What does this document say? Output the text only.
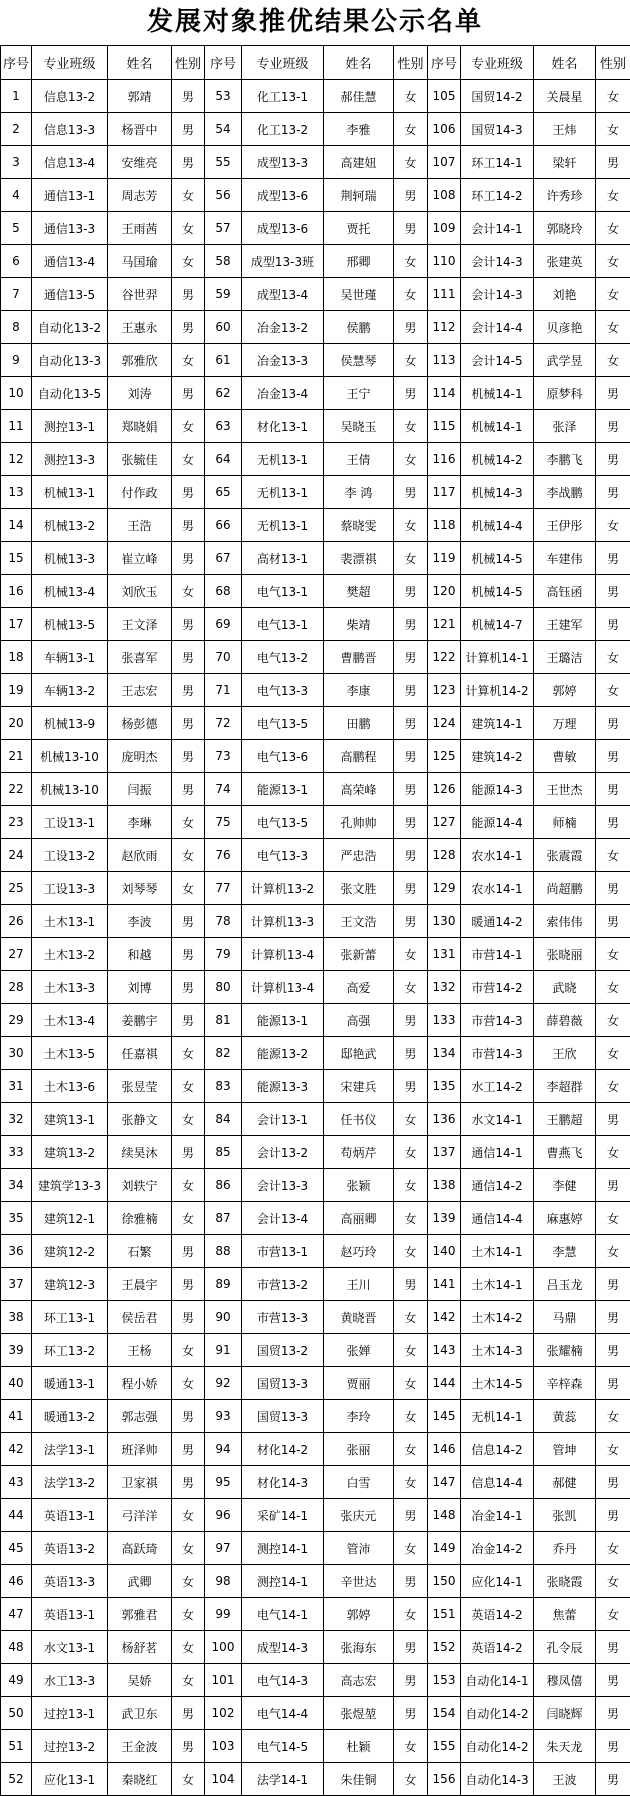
发展对象推优结果公示名单
序号	专业班级	姓名	性别	序号	专业班级	姓名	性别	序号	专业班级	姓名	性别
1	信息13-2	郭靖	男	53	化工13-1	郝佳慧	女	105	国贸14-2	关晨星	女
2	信息13-3	杨晋中	男	54	化工13-2	李雅	女	106	国贸14-3	王炜	女
3	信息13-4	安维亮	男	55	成型13-3	高建妞	女	107	环工14-1	梁轩	男
4	通信13-1	周志芳	女	56	成型13-6	荆轲瑞	男	108	环工14-2	许秀珍	女
5	通信13-3	王雨茜	女	57	成型13-6	贾托	男	109	会计14-1	郭晓玲	女
6	通信13-4	马国瑜	女	58	成型13-3班	邢卿	女	110	会计14-3	张建英	女
7	通信13-5	谷世羿	男	59	成型13-4	吴世瑾	女	111	会计14-3	刘艳	女
8	自动化13-2	王惠永	男	60	冶金13-2	侯鹏	男	112	会计14-4	贝彦艳	女
9	自动化13-3	郭雅欣	女	61	冶金13-3	侯慧琴	女	113	会计14-5	武学昱	女
10	自动化13-5	刘涛	男	62	冶金13-4	王宁	男	114	机械14-1	原梦科	男
11	测控13-1	郑晓娟	女	63	材化13-1	吴晓玉	女	115	机械14-1	张泽	男
12	测控13-3	张毓佳	女	64	无机13-1	王倩	女	116	机械14-2	李鹏飞	男
13	机械13-1	付作政	男	65	无机13-1	李 鸿	男	117	机械14-3	李战鹏	男
14	机械13-2	王浩	男	66	无机13-1	蔡晓雯	女	118	机械14-4	王伊彤	女
15	机械13-3	崔立峰	男	67	高材13-1	裴漂祺	女	119	机械14-5	车建伟	男
16	机械13-4	刘欣玉	女	68	电气13-1	樊超	男	120	机械14-5	高钰函	男
17	机械13-5	王文泽	男	69	电气13-1	柴靖	男	121	机械14-7	王建军	男
18	车辆13-1	张喜军	男	70	电气13-2	曹鹏晋	男	122	计算机14-1	王璐洁	女
19	车辆13-2	王志宏	男	71	电气13-3	李康	男	123	计算机14-2	郭婷	女
20	机械13-9	杨彭德	男	72	电气13-5	田鹏	男	124	建筑14-1	万理	男
21	机械13-10	庞明杰	男	73	电气13-6	高鹏程	男	125	建筑14-2	曹敏	男
22	机械13-10	闫振	男	74	能源13-1	高荣峰	男	126	能源14-3	王世杰	男
23	工设13-1	李琳	女	75	电气13-5	孔帅帅	男	127	能源14-4	师楠	男
24	工设13-2	赵欣雨	女	76	电气13-3	严忠浩	男	128	农水14-1	张震霞	女
25	工设13-3	刘琴琴	女	77	计算机13-2	张文胜	男	129	农水14-1	尚超鹏	男
26	土木13-1	李波	男	78	计算机13-3	王文浩	男	130	暖通14-2	索伟伟	男
27	土木13-2	和越	男	79	计算机13-4	张新蕾	女	131	市营14-1	张晓丽	女
28	土木13-3	刘博	男	80	计算机13-4	高爱	女	132	市营14-2	武晓	女
29	土木13-4	姜鹏宇	男	81	能源13-1	高强	男	133	市营14-3	薛碧薇	女
30	土木13-5	任嘉祺	女	82	能源13-2	邸艳武	男	134	市营14-3	王欣	女
31	土木13-6	张昱莹	女	83	能源13-3	宋建兵	男	135	水工14-2	李超群	女
32	建筑13-1	张静文	女	84	会计13-1	任书仪	女	136	水文14-1	王鹏超	男
33	建筑13-2	续昊沐	男	85	会计13-2	苟炳芹	女	137	通信14-1	曹燕飞	女
34	建筑学13-3	刘轶宁	女	86	会计13-3	张颖	女	138	通信14-2	李健	男
35	建筑12-1	徐雅楠	女	87	会计13-4	高丽卿	女	139	通信14-4	麻惠婷	女
36	建筑12-2	石繁	男	88	市营13-1	赵巧玲	女	140	土木14-1	李慧	女
37	建筑12-3	王晨宇	男	89	市营13-2	王川	男	141	土木14-1	吕玉龙	男
38	环工13-1	侯岳君	男	90	市营13-3	黄晓晋	女	142	土木14-2	马鼎	男
39	环工13-2	王杨	女	91	国贸13-2	张婵	女	143	土木14-3	张耀楠	男
40	暖通13-1	程小娇	女	92	国贸13-3	贾丽	女	144	土木14-5	辛梓森	男
41	暖通13-2	郭志强	男	93	国贸13-3	李玲	女	145	无机14-1	黄蕊	女
42	法学13-1	班泽帅	男	94	材化14-2	张丽	女	146	信息14-2	管坤	女
43	法学13-2	卫家祺	男	95	材化14-3	白雪	女	147	信息14-4	郝健	男
44	英语13-1	弓洋洋	女	96	采矿14-1	张庆元	男	148	冶金14-1	张凯	男
45	英语13-2	高跃琦	女	97	测控14-1	管沛	女	149	冶金14-2	乔丹	女
46	英语13-3	武卿	女	98	测控14-1	辛世达	男	150	应化14-1	张晓霞	女
47	英语13-1	郭雅君	女	99	电气14-1	郭婷	女	151	英语14-2	焦蕾	女
48	水文13-1	杨舒茗	女	100	成型14-3	张海东	男	152	英语14-2	孔令辰	男
49	水工13-3	吴娇	女	101	电气14-3	高志宏	男	153	自动化14-1	穆凤僖	男
50	过控13-1	武卫东	男	102	电气14-4	张煜堃	男	154	自动化14-2	闫晓辉	男
51	过控13-2	王金波	男	103	电气14-5	杜颖	女	155	自动化14-2	朱天龙	男
52	应化13-1	秦晓红	女	104	法学14-1	朱佳铜	女	156	自动化14-3	王波	男
